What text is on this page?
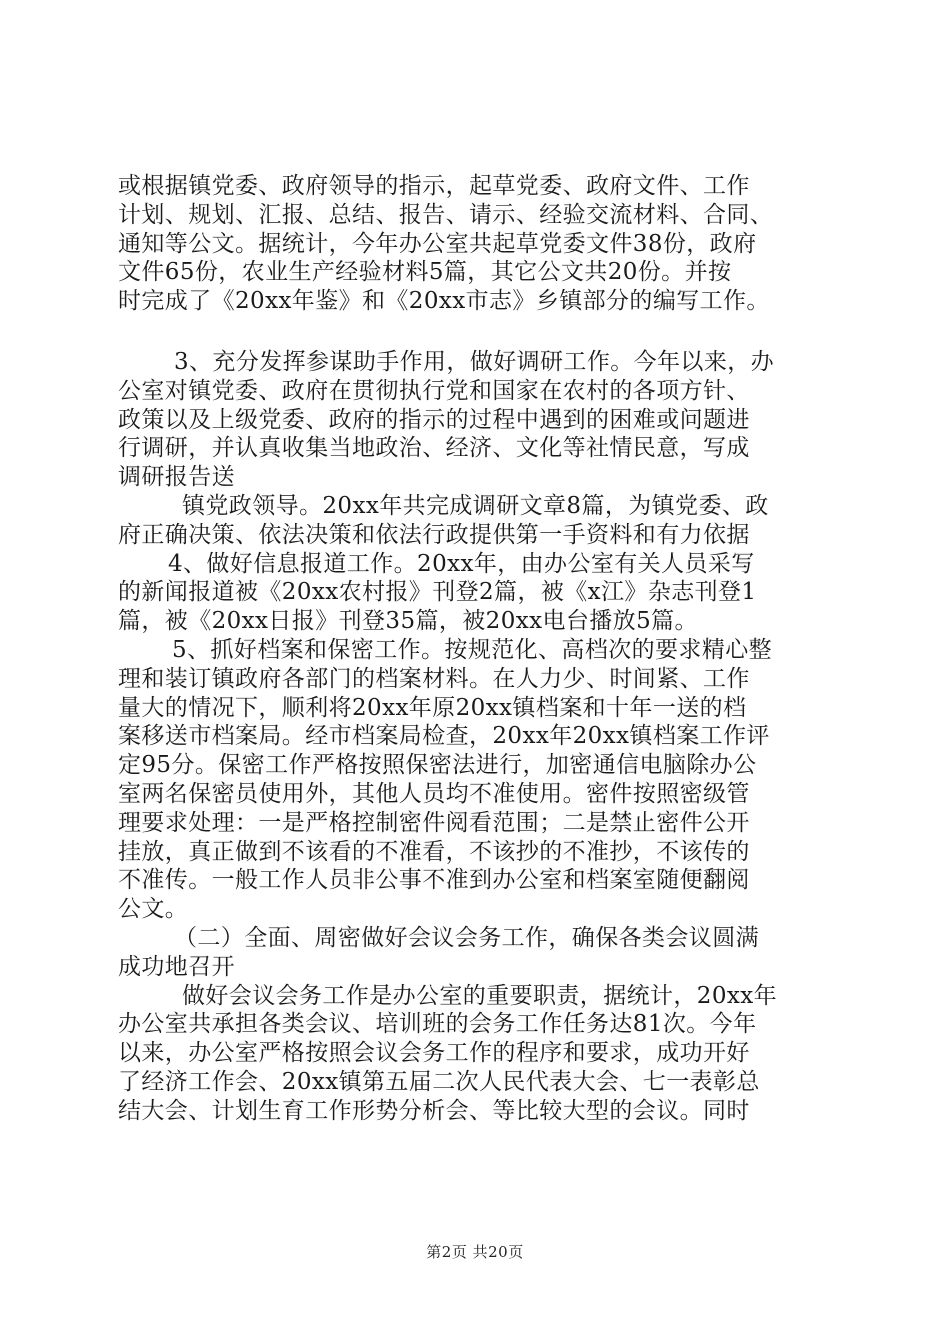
或根据镇党委、政府领导的指示，起草党委、政府文件、工作
计划、规划、汇报、总结、报告、请示、经验交流材料、合同、
通知等公文。据统计，今年办公室共起草党委文件38份，政府
文件65份，农业生产经验材料5篇，其它公文共20份。并按
时完成了《20xx年鉴》和《20xx市志》乡镇部分的编写工作。
3、充分发挥参谋助手作用，做好调研工作。今年以来，办
公室对镇党委、政府在贯彻执行党和国家在农村的各项方针、
政策以及上级党委、政府的指示的过程中遇到的困难或问题进
行调研，并认真收集当地政治、经济、文化等社情民意，写成
调研报告送
镇党政领导。20xx年共完成调研文章8篇，为镇党委、政
府正确决策、依法决策和依法行政提供第一手资料和有力依据
4、做好信息报道工作。20xx年，由办公室有关人员采写
的新闻报道被《20xx农村报》刊登2篇，被《x江》杂志刊登1
篇，被《20xx日报》刊登35篇，被20xx电台播放5篇。
5、抓好档案和保密工作。按规范化、高档次的要求精心整
理和装订镇政府各部门的档案材料。在人力少、时间紧、工作
量大的情况下，顺利将20xx年原20xx镇档案和十年一送的档
案移送市档案局。经市档案局检查，20xx年20xx镇档案工作评
定95分。保密工作严格按照保密法进行，加密通信电脑除办公
室两名保密员使用外，其他人员均不准使用。密件按照密级管
理要求处理：一是严格控制密件阅看范围；二是禁止密件公开
挂放，真正做到不该看的不准看，不该抄的不准抄，不该传的
不准传。一般工作人员非公事不准到办公室和档案室随便翻阅
公文。
（二）全面、周密做好会议会务工作，确保各类会议圆满
成功地召开
做好会议会务工作是办公室的重要职责，据统计，20xx年
办公室共承担各类会议、培训班的会务工作任务达81次。今年
以来，办公室严格按照会议会务工作的程序和要求，成功开好
了经济工作会、20xx镇第五届二次人民代表大会、七一表彰总
结大会、计划生育工作形势分析会、等比较大型的会议。同时
第2页 共20页
